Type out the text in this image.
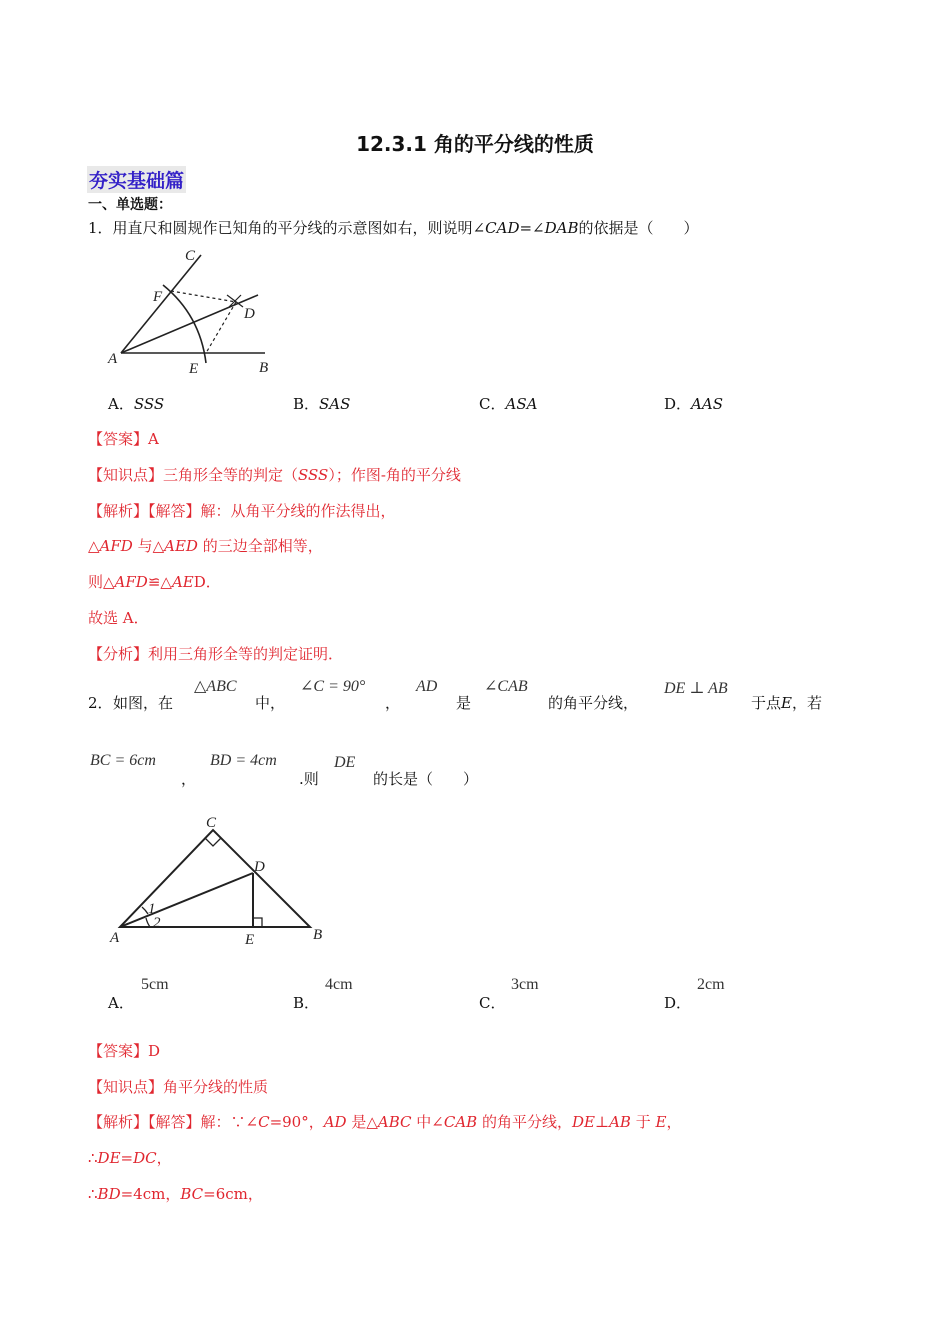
12.3.1 角的平分线的性质
夯实基础篇
一、单选题：
1．用直尺和圆规作已知角的平分线的示意图如右，则说明∠CAD=∠DAB的依据是（　　）
C
F
D
A
E	B
A．SSS	B．SAS	C．ASA	D．AAS
【答案】A
【知识点】三角形全等的判定（SSS）；作图-角的平分线
【解析】【解答】解：从角平分线的作法得出，
△AFD 与△AED 的三边全部相等，
则△AFD≌△AED．
故选 A．
【分析】利用三角形全等的判定证明．
2． 如图，在
△ABC
中，
∠C = 90°
，
AD
是
∠CAB
的角平分线，
DE ⊥ AB
于点E，若
BC = 6cm
，
BD = 4cm
.则
DE
的长是（　　）
C
D
A	E	B
1
2
A．
5cm
B．
4cm
C．
3cm
D．
2cm
【答案】D
【知识点】角平分线的性质
【解析】【解答】解：∵∠C=90°，AD 是△ABC 中∠CAB 的角平分线，DE⊥AB 于 E，
∴DE=DC，
∴BD=4cm，BC=6cm，
